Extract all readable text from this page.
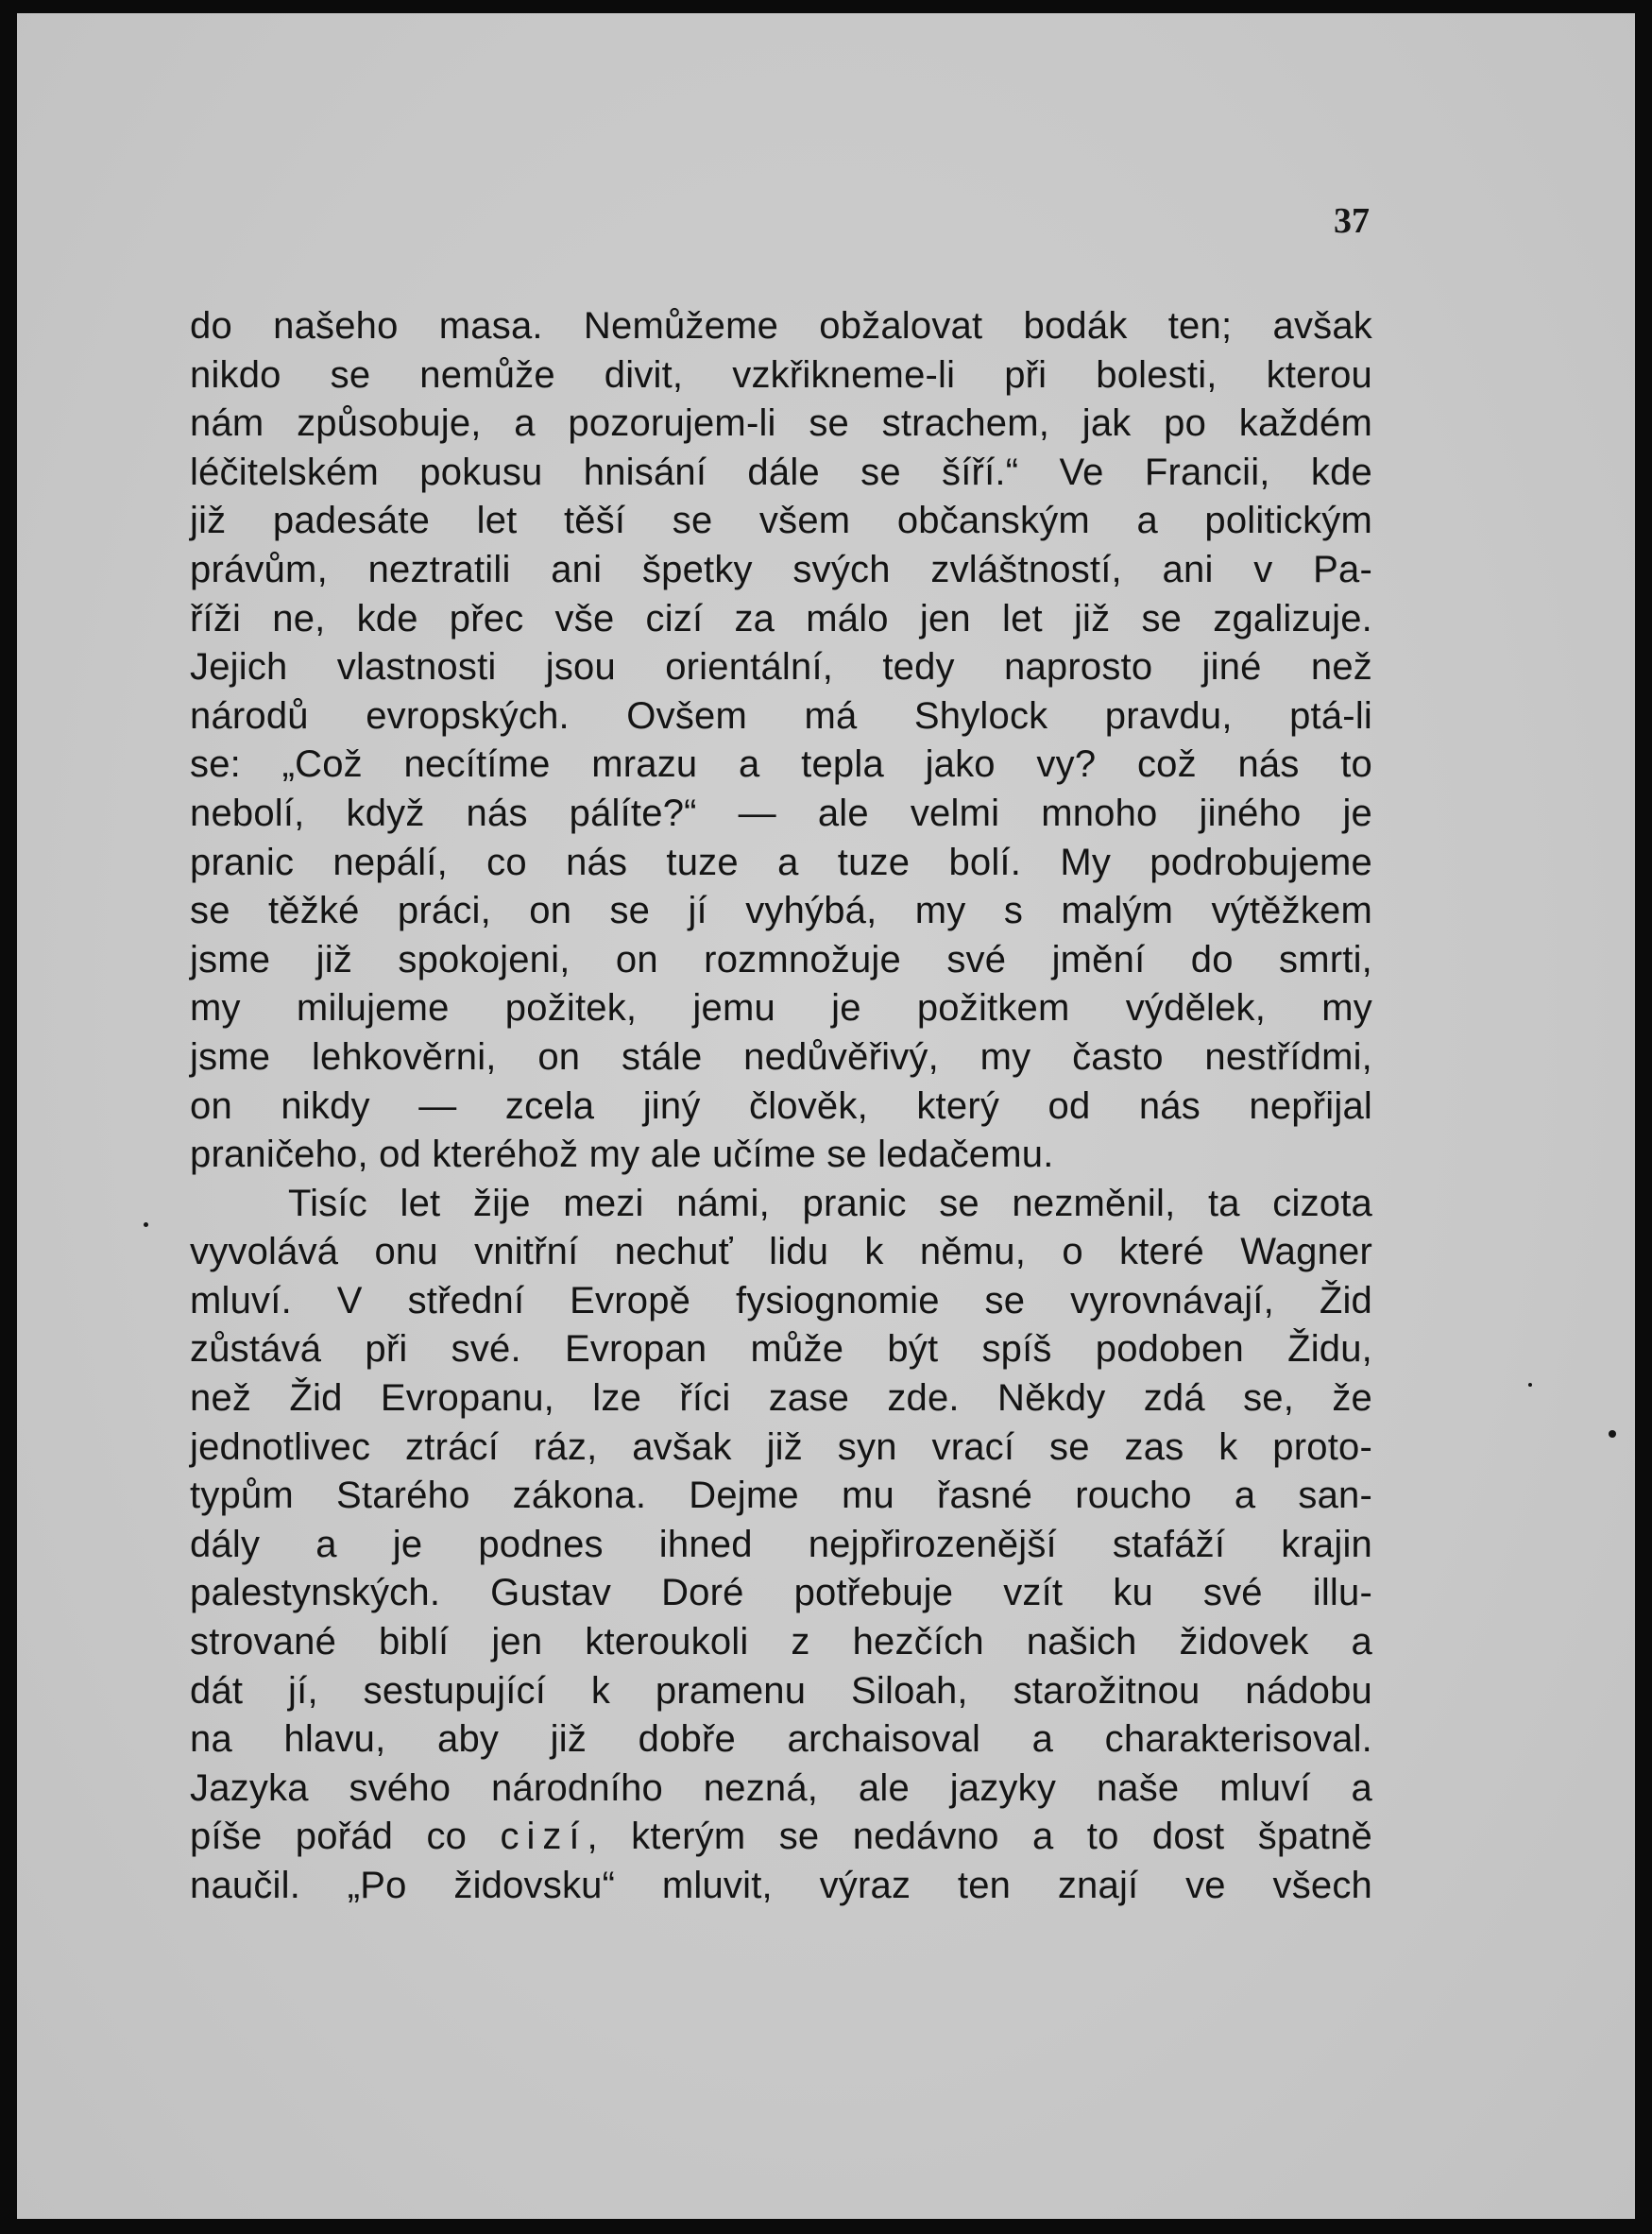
37
do našeho masa. Nemůžeme obžalovat bodák ten; avšak
nikdo se nemůže divit, vzkřikneme-li při bolesti, kterou
nám způsobuje, a pozorujem-li se strachem, jak po každém
léčitelském pokusu hnisání dále se šíří.“ Ve Francii, kde
již padesáte let těší se všem občanským a politickým
právům, neztratili ani špetky svých zvláštností, ani v Pa-
říži ne, kde přec vše cizí za málo jen let již se zgalizuje.
Jejich vlastnosti jsou orientální, tedy naprosto jiné než
národů evropských. Ovšem má Shylock pravdu, ptá-li
se: „Což necítíme mrazu a tepla jako vy? což nás to
nebolí, když nás pálíte?“ — ale velmi mnoho jiného je
pranic nepálí, co nás tuze a tuze bolí. My podrobujeme
se těžké práci, on se jí vyhýbá, my s malým výtěžkem
jsme již spokojeni, on rozmnožuje své jmění do smrti,
my milujeme požitek, jemu je požitkem výdělek, my
jsme lehkověrni, on stále nedůvěřivý, my často nestřídmi,
on nikdy — zcela jiný člověk, který od nás nepřijal
praničeho, od kteréhož my ale učíme se ledačemu.
Tisíc let žije mezi námi, pranic se nezměnil, ta cizota
vyvolává onu vnitřní nechuť lidu k němu, o které Wagner
mluví. V střední Evropě fysiognomie se vyrovnávají, Žid
zůstává při své. Evropan může být spíš podoben Židu,
než Žid Evropanu, lze říci zase zde. Někdy zdá se, že
jednotlivec ztrácí ráz, avšak již syn vrací se zas k proto-
typům Starého zákona. Dejme mu řasné roucho a san-
dály a je podnes ihned nejpřirozenější stafáží krajin
palestynských. Gustav Doré potřebuje vzít ku své illu-
strované biblí jen kteroukoli z hezčích našich židovek a
dát jí, sestupující k pramenu Siloah, starožitnou nádobu
na hlavu, aby již dobře archaisoval a charakterisoval.
Jazyka svého národního nezná, ale jazyky naše mluví a
píše pořád co cizí, kterým se nedávno a to dost špatně
naučil. „Po židovsku“ mluvit, výraz ten znají ve všech
